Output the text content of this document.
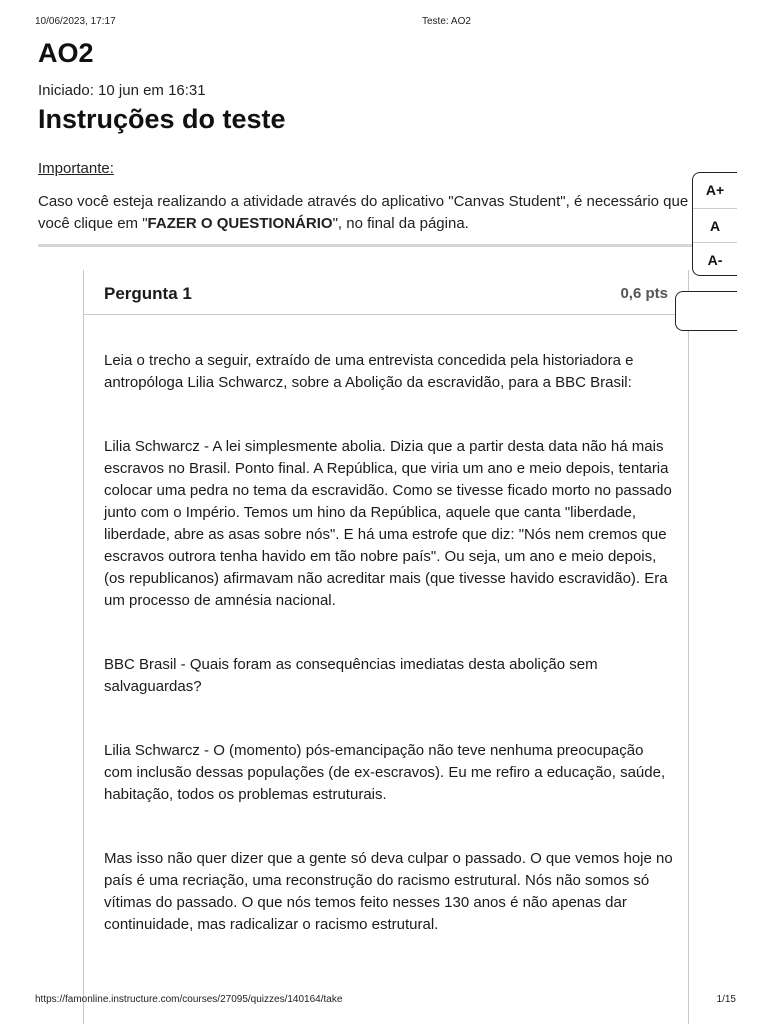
10/06/2023, 17:17	Teste: AO2
AO2
Iniciado: 10 jun em 16:31
Instruções do teste
Importante:
Caso você esteja realizando a atividade através do aplicativo "Canvas Student", é necessário que
você clique em "FAZER O QUESTIONÁRIO", no final da página.
Pergunta 1	0,6 pts

Leia o trecho a seguir, extraído de uma entrevista concedida pela historiadora e antropóloga Lilia Schwarcz, sobre a Abolição da escravidão, para a BBC Brasil:

Lilia Schwarcz - A lei simplesmente abolia. Dizia que a partir desta data não há mais escravos no Brasil. Ponto final. A República, que viria um ano e meio depois, tentaria colocar uma pedra no tema da escravidão. Como se tivesse ficado morto no passado junto com o Império. Temos um hino da República, aquele que canta "liberdade, liberdade, abre as asas sobre nós". E há uma estrofe que diz: "Nós nem cremos que escravos outrora tenha havido em tão nobre país". Ou seja, um ano e meio depois, (os republicanos) afirmavam não acreditar mais (que tivesse havido escravidão). Era um processo de amnésia nacional.

BBC Brasil - Quais foram as consequências imediatas desta abolição sem salvaguardas?

Lilia Schwarcz - O (momento) pós-emancipação não teve nenhuma preocupação com inclusão dessas populações (de ex-escravos). Eu me refiro a educação, saúde, habitação, todos os problemas estruturais.

Mas isso não quer dizer que a gente só deva culpar o passado. O que vemos hoje no país é uma recriação, uma reconstrução do racismo estrutural. Nós não somos só vítimas do passado. O que nós temos feito nesses 130 anos é não apenas dar continuidade, mas radicalizar o racismo estrutural.

A+
A
A-
https://famonline.instructure.com/courses/27095/quizzes/140164/take	1/15
